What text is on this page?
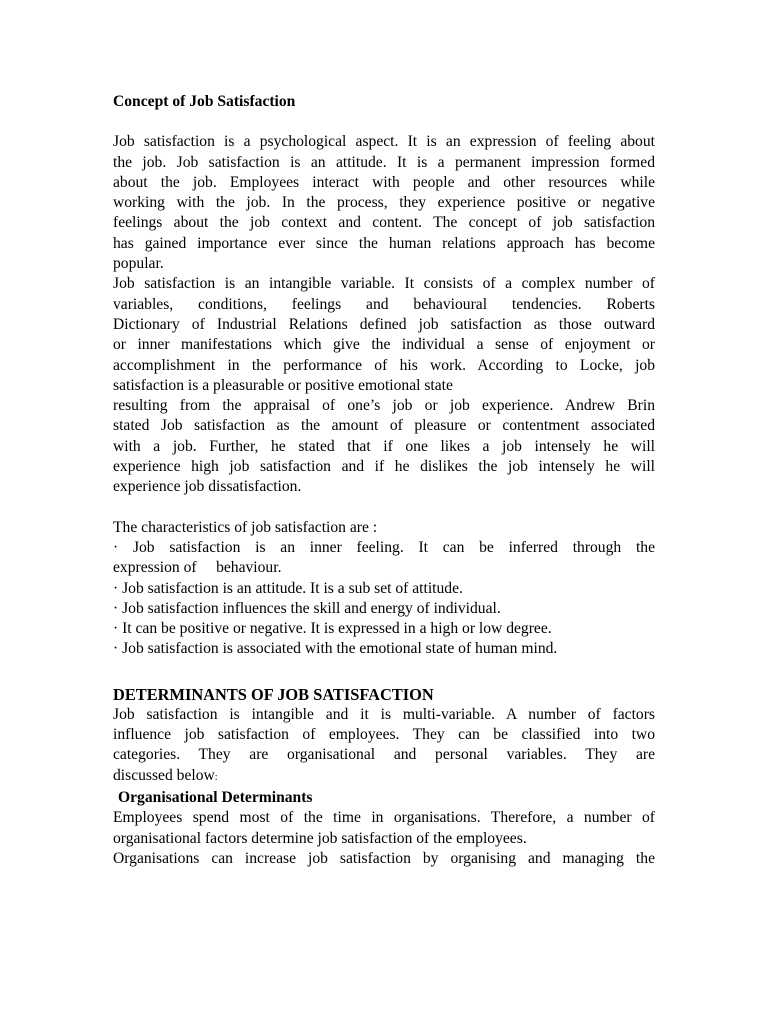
Concept of Job Satisfaction
Job satisfaction is a psychological aspect. It is an expression of feeling about
the job. Job satisfaction is an attitude. It is a permanent impression formed
about the job. Employees interact with people and other resources while
working with the job. In the process, they experience positive or negative
feelings about the job context and content. The concept of job satisfaction
has gained importance ever since the human relations approach has become
popular.
Job satisfaction is an intangible variable. It consists of a complex number of
variables, conditions, feelings and behavioural tendencies. Roberts
Dictionary of Industrial Relations defined job satisfaction as those outward
or inner manifestations which give the individual a sense of enjoyment or
accomplishment in the performance of his work. According to Locke, job
satisfaction is a pleasurable or positive emotional state
resulting from the appraisal of one’s job or job experience. Andrew Brin
stated Job satisfaction as the amount of pleasure or contentment associated
with a job. Further, he stated that if one likes a job intensely he will
experience high job satisfaction and if he dislikes the job intensely he will
experience job dissatisfaction.
The characteristics of job satisfaction are :
· Job satisfaction is an inner feeling. It can be inferred through the
expression of     behaviour.
· Job satisfaction is an attitude. It is a sub set of attitude.
· Job satisfaction influences the skill and energy of individual.
· It can be positive or negative. It is expressed in a high or low degree.
· Job satisfaction is associated with the emotional state of human mind.
DETERMINANTS OF JOB SATISFACTION
Job satisfaction is intangible and it is multi-variable. A number of factors
influence job satisfaction of employees. They can be classified into two
categories. They are organisational and personal variables. They are
discussed below:
Organisational Determinants
Employees spend most of the time in organisations. Therefore, a number of
organisational factors determine job satisfaction of the employees.
Organisations can increase job satisfaction by organising and managing the
